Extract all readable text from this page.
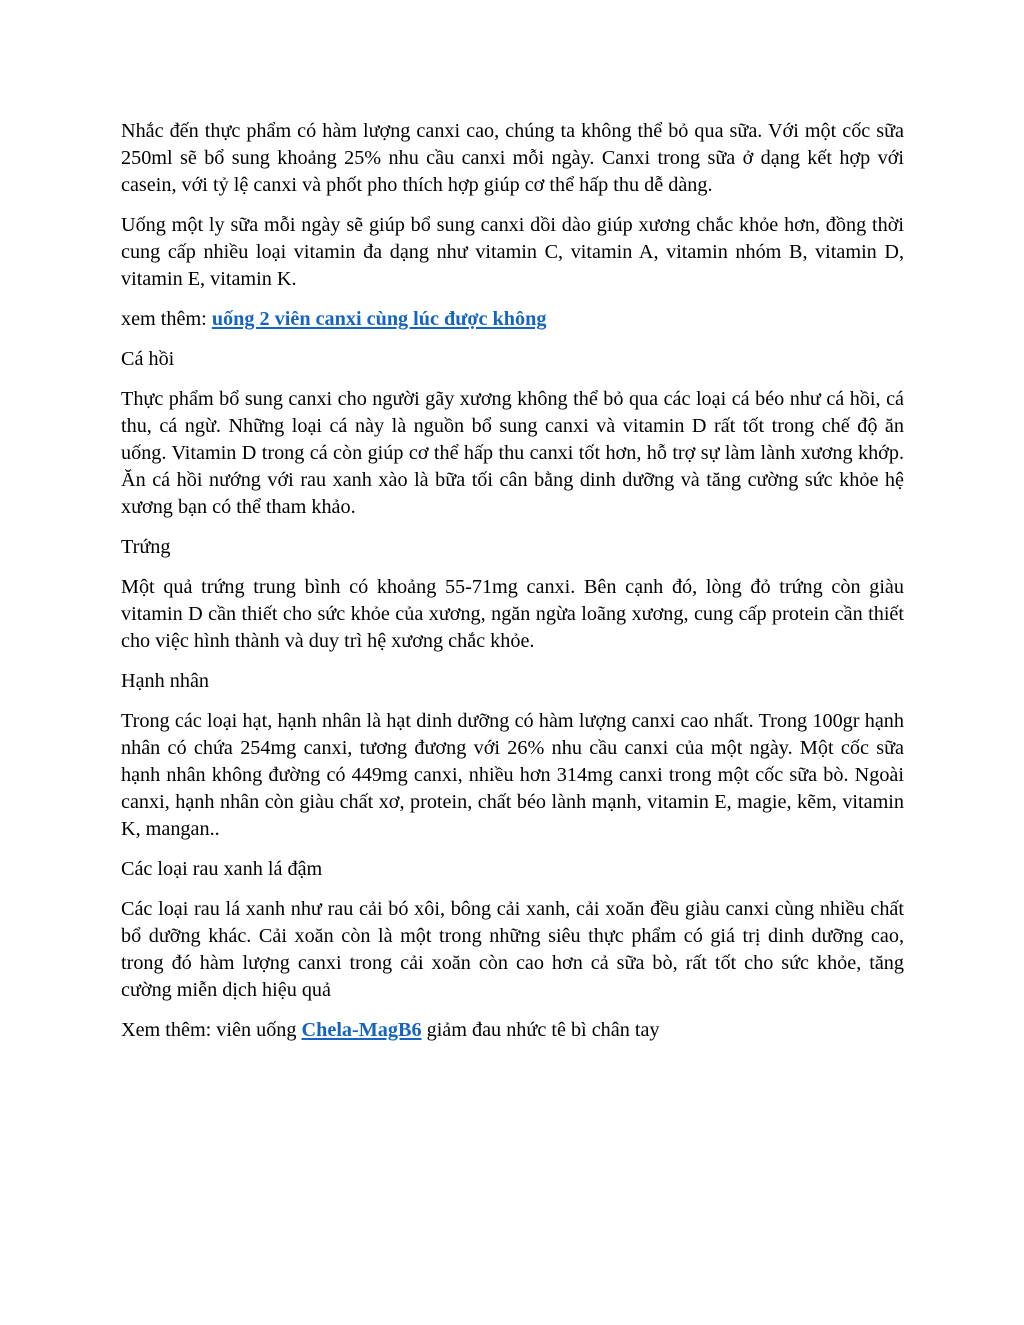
Nhắc đến thực phẩm có hàm lượng canxi cao, chúng ta không thể bỏ qua sữa. Với một cốc sữa 250ml sẽ bổ sung khoảng 25% nhu cầu canxi mỗi ngày. Canxi trong sữa ở dạng kết hợp với casein, với tỷ lệ canxi và phốt pho thích hợp giúp cơ thể hấp thu dễ dàng.

Uống một ly sữa mỗi ngày sẽ giúp bổ sung canxi dồi dào giúp xương chắc khỏe hơn, đồng thời cung cấp nhiều loại vitamin đa dạng như vitamin C, vitamin A, vitamin nhóm B, vitamin D, vitamin E, vitamin K.

xem thêm: uống 2 viên canxi cùng lúc được không

Cá hồi

Thực phẩm bổ sung canxi cho người gãy xương không thể bỏ qua các loại cá béo như cá hồi, cá thu, cá ngừ. Những loại cá này là nguồn bổ sung canxi và vitamin D rất tốt trong chế độ ăn uống. Vitamin D trong cá còn giúp cơ thể hấp thu canxi tốt hơn, hỗ trợ sự làm lành xương khớp. Ăn cá hồi nướng với rau xanh xào là bữa tối cân bằng dinh dưỡng và tăng cường sức khỏe hệ xương bạn có thể tham khảo.

Trứng

Một quả trứng trung bình có khoảng 55-71mg canxi. Bên cạnh đó, lòng đỏ trứng còn giàu vitamin D cần thiết cho sức khỏe của xương, ngăn ngừa loãng xương, cung cấp protein cần thiết cho việc hình thành và duy trì hệ xương chắc khỏe.

Hạnh nhân

Trong các loại hạt, hạnh nhân là hạt dinh dưỡng có hàm lượng canxi cao nhất. Trong 100gr hạnh nhân có chứa 254mg canxi, tương đương với 26% nhu cầu canxi của một ngày. Một cốc sữa hạnh nhân không đường có 449mg canxi, nhiều hơn 314mg canxi trong một cốc sữa bò. Ngoài canxi, hạnh nhân còn giàu chất xơ, protein, chất béo lành mạnh, vitamin E, magie, kẽm, vitamin K, mangan..

Các loại rau xanh lá đậm

Các loại rau lá xanh như rau cải bó xôi, bông cải xanh, cải xoăn đều giàu canxi cùng nhiều chất bổ dưỡng khác. Cải xoăn còn là một trong những siêu thực phẩm có giá trị dinh dưỡng cao, trong đó hàm lượng canxi trong cải xoăn còn cao hơn cả sữa bò, rất tốt cho sức khỏe, tăng cường miễn dịch hiệu quả

Xem thêm: viên uống Chela-MagB6 giảm đau nhức tê bì chân tay
